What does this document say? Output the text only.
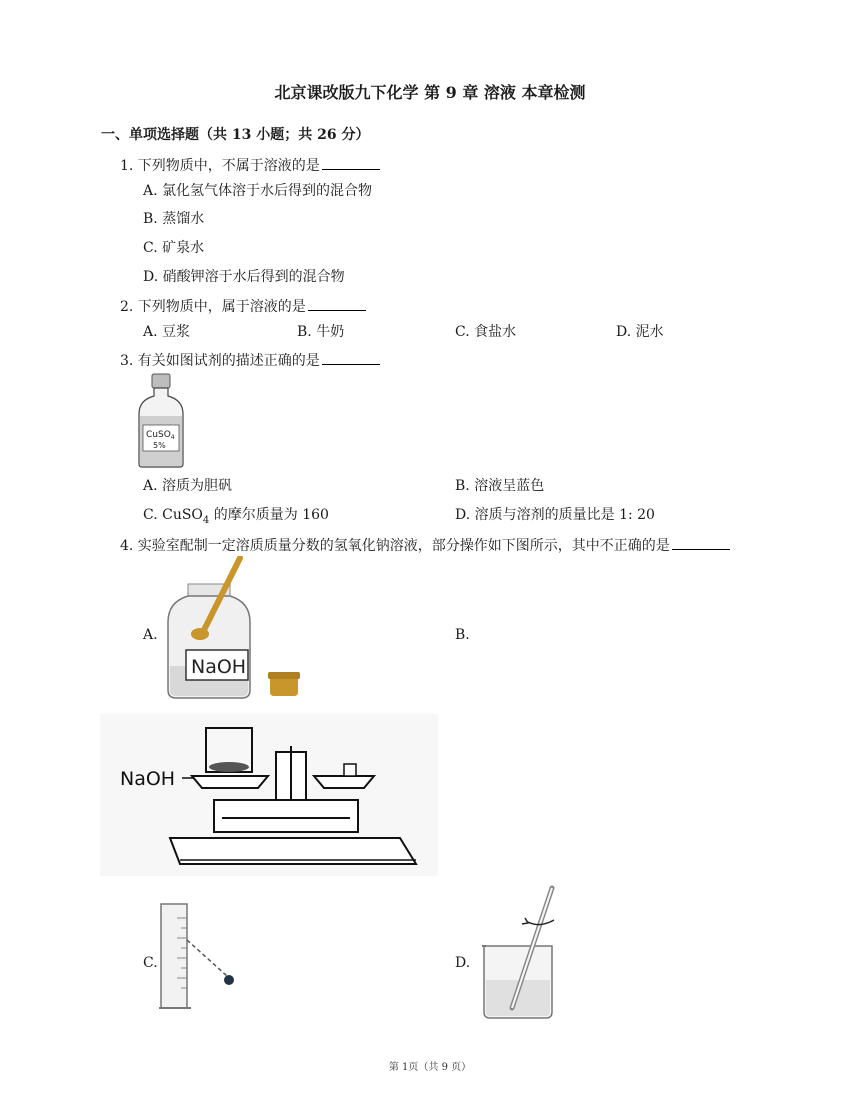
北京课改版九下化学 第 9 章 溶液 本章检测
一、单项选择题（共 13 小题；共 26 分）
1. 下列物质中，不属于溶液的是
A. 氯化氢气体溶于水后得到的混合物
B. 蒸馏水
C. 矿泉水
D. 硝酸钾溶于水后得到的混合物
2. 下列物质中，属于溶液的是
A. 豆浆	B. 牛奶	C. 食盐水	D. 泥水
3. 有关如图试剂的描述正确的是
CuSO$_4$
5%
A. 溶质为胆矾	B. 溶液呈蓝色
C. CuSO$_4$ 的摩尔质量为 160	D. 溶质与溶剂的质量比是 1: 20
4. 实验室配制一定溶质质量分数的氢氧化钠溶液，部分操作如下图所示，其中不正确的是
A.
NaOH
B.
NaOH
C.	D.
第 1页（共 9 页）
